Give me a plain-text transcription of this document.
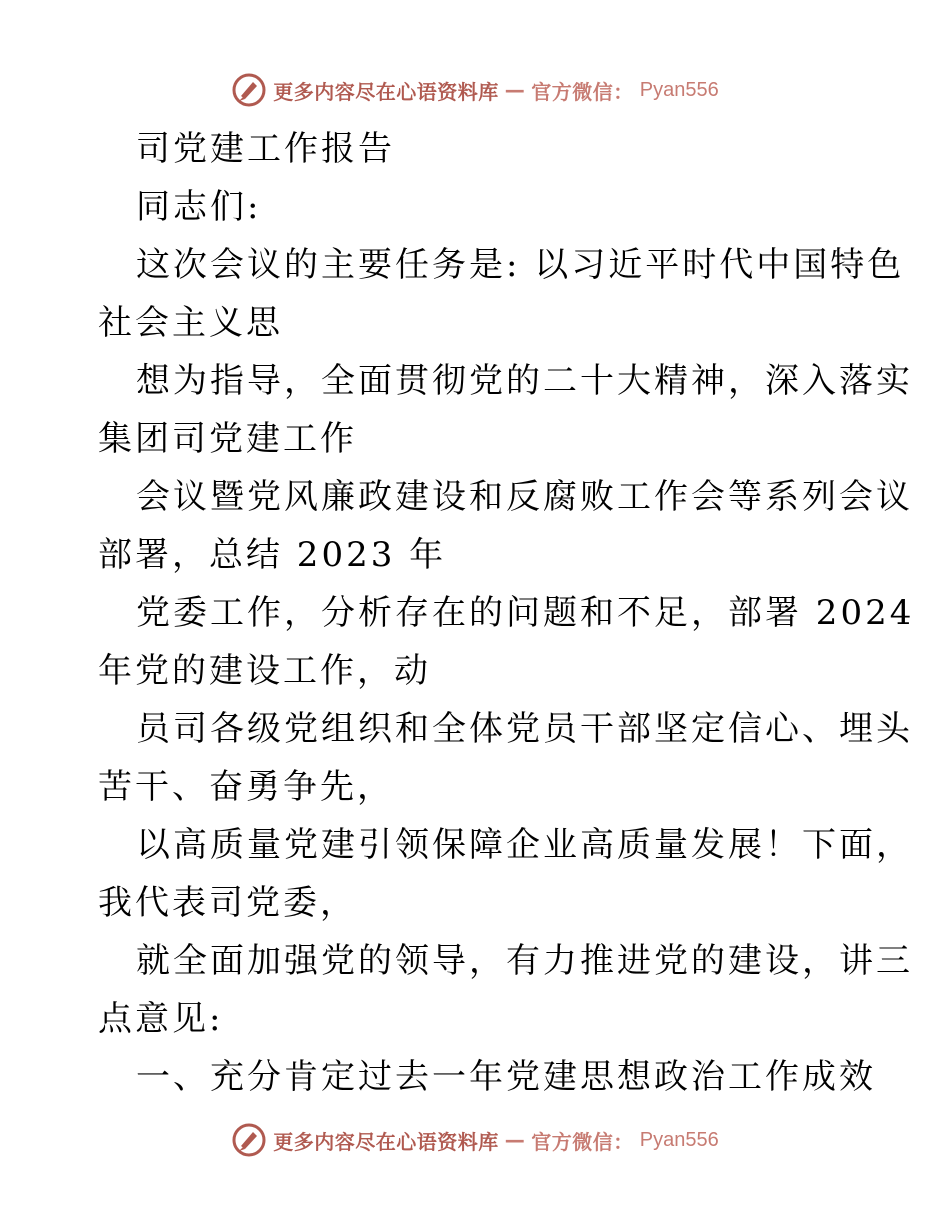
更多内容尽在心语资料库 — 官方微信： Pyan556
司党建工作报告
同志们:
这次会议的主要任务是: 以习近平时代中国特色
社会主义思
想为指导，全面贯彻党的二十大精神，深入落实
集团司党建工作
会议暨党风廉政建设和反腐败工作会等系列会议
部署，总结 2023 年
党委工作，分析存在的问题和不足，部署 2024
年党的建设工作，动
员司各级党组织和全体党员干部坚定信心、埋头
苦干、奋勇争先，
以高质量党建引领保障企业高质量发展！下面，
我代表司党委，
就全面加强党的领导，有力推进党的建设，讲三
点意见:
一、充分肯定过去一年党建思想政治工作成效
更多内容尽在心语资料库 — 官方微信： Pyan556
